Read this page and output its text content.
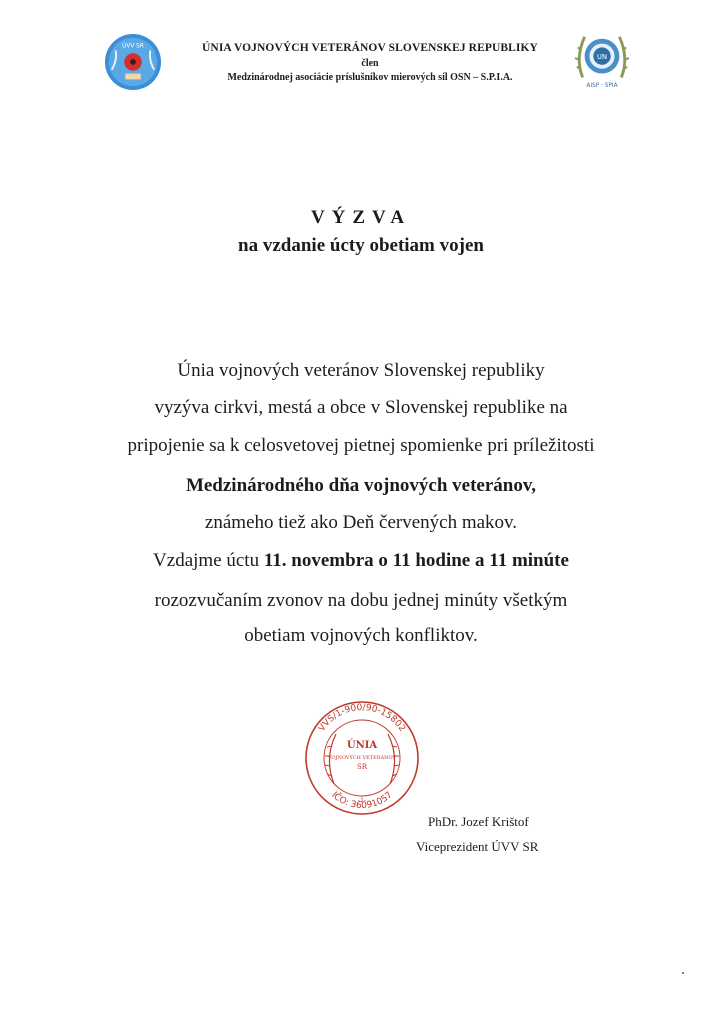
ÚVV SR	ÚNIA VOJNOVÝCH VETERÁNOV SLOVENSKEJ REPUBLIKY
člen
Medzinárodnej asociácie príslušníkov mierových síl OSN – S.P.I.A.
UN
AISP · SPIA
VÝZVA
na vzdanie úcty obetiam vojen
Únia vojnových veteránov Slovenskej republiky
vyzýva cirkvi, mestá a obce v Slovenskej republike na
pripojenie sa k celosvetovej pietnej spomienke pri príležitosti
Medzinárodného dňa vojnových veteránov,
známeho tiež ako Deň červených makov.
Vzdajme úctu 11. novembra o 11 hodine a 11 minúte
rozozvučaním zvonov na dobu jednej minúty všetkým
obetiam vojnových konfliktov.
VVS/1-900/90-15802
IČO: 36091057
ÚNIA
VOJNOVÝCH VETERÁNOV
SR
-1-
PhDr. Jozef Krištof
Viceprezident ÚVV SR
